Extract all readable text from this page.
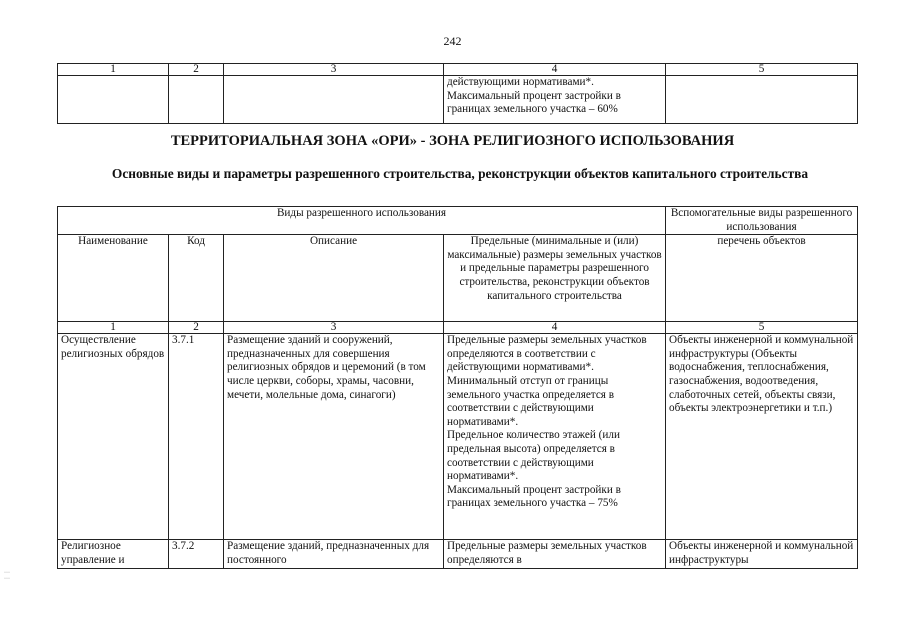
242
1	2	3	4	5
			действующими нормативами*.
Максимальный процент застройки в границах земельного участка – 60%	
ТЕРРИТОРИАЛЬНАЯ ЗОНА «ОРИ» - ЗОНА РЕЛИГИОЗНОГО ИСПОЛЬЗОВАНИЯ
Основные виды и параметры разрешенного строительства, реконструкции объектов капитального строительства
Виды разрешенного использования				Вспомогательные виды разрешенного использования
Наименование	Код	Описание	Предельные (минимальные и (или) максимальные) размеры земельных участков и предельные параметры разрешенного строительства, реконструкции объектов капитального строительства	перечень объектов
1	2	3	4	5
Осуществление религиозных обрядов	3.7.1	Размещение зданий и сооружений, предназначенных для совершения религиозных обрядов и церемоний (в том числе церкви, соборы, храмы, часовни, мечети, молельные дома, синагоги)	Предельные размеры земельных участков определяются в соответствии с действующими нормативами*.
Минимальный отступ от границы земельного участка определяется в соответствии с действующими нормативами*.
Предельное количество этажей (или предельная высота) определяется в соответствии с действующими нормативами*.
Максимальный процент застройки в границах земельного участка – 75%	Объекты инженерной и коммунальной инфраструктуры (Объекты водоснабжения, теплоснабжения, газоснабжения, водоотведения, слаботочных сетей, объекты связи, объекты электроэнергетики и т.п.)
Религиозное управление и	3.7.2	Размещение зданий, предназначенных для постоянного	Предельные размеры земельных участков определяются в	Объекты инженерной и коммунальной инфраструктуры
··· ···
